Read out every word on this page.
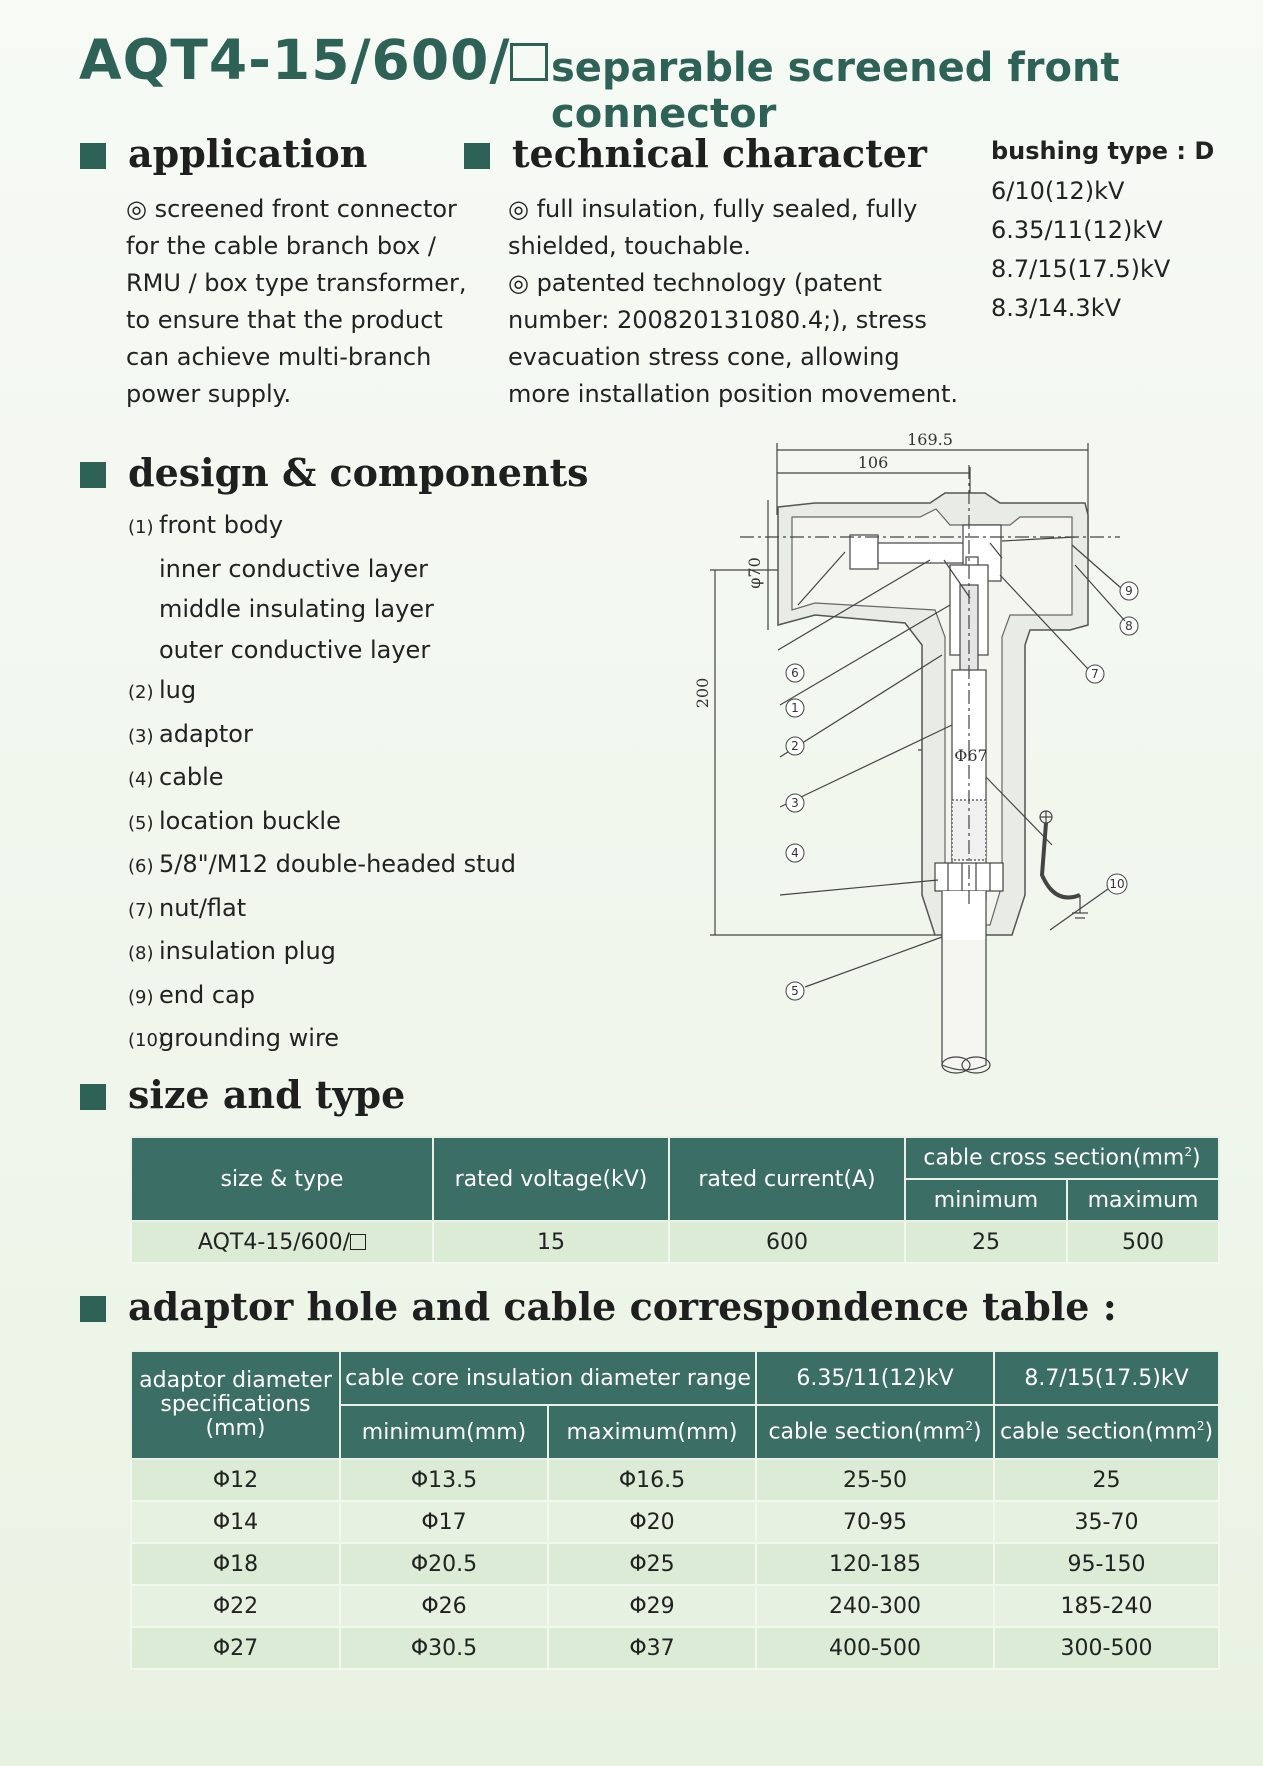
AQT4-15/600/	separable screened front connector
application
◎ screened front connector
for the cable branch box /
RMU / box type transformer,
to ensure that the product
can achieve multi-branch
power supply.
technical character
◎ full insulation, fully sealed, fully
shielded, touchable.
◎ patented technology (patent
number: 200820131080.4;), stress
evacuation stress cone, allowing
more installation position movement.
bushing type : D
6/10(12)kV
6.35/11(12)kV
8.7/15(17.5)kV
8.3/14.3kV
design & components
(1) front body
inner conductive layer
middle insulating layer
outer conductive layer
(2) lug
(3) adaptor
(4) cable
(5) location buckle
(6) 5/8"/M12 double-headed stud
(7) nut/flat
(8) insulation plug
(9) end cap
(10)grounding wire
169.5
106
φ70
200
Φ67
6
1
2
3
4
5
7
8
9
10
size and type
size & type	rated voltage(kV)	rated current(A)	cable cross $section(mm^2)$	
			minimum	maximum
AQT4-15/600/	15	600	25	500
adaptor hole and cable correspondence table :
adaptor diameter
specifications
(mm)	cable core insulation diameter range		6.35/11(12)kV	8.7/15(17.5)kV
	minimum(mm)	maximum(mm)	cable $section(mm^2)$	cable $section(mm^2)$
Φ12	Φ13.5	Φ16.5	25-50	25
Φ14	Φ17	Φ20	70-95	35-70
Φ18	Φ20.5	Φ25	120-185	95-150
Φ22	Φ26	Φ29	240-300	185-240
Φ27	Φ30.5	Φ37	400-500	300-500
